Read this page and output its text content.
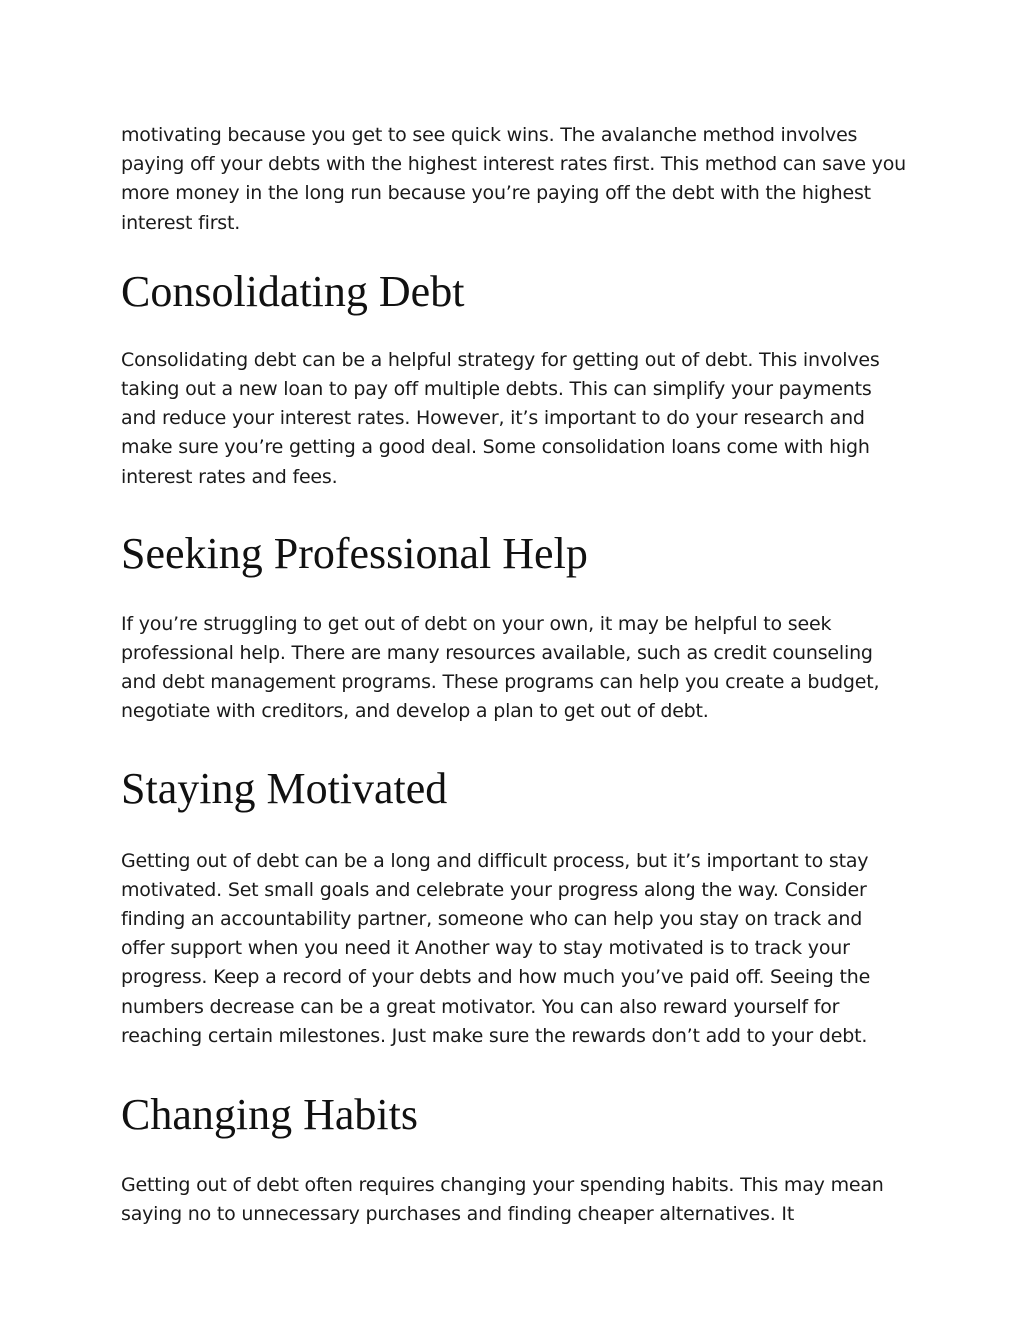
motivating because you get to see quick wins. The avalanche method involves paying off your debts with the highest interest rates first. This method can save you more money in the long run because you’re paying off the debt with the highest interest first.

Consolidating Debt

Consolidating debt can be a helpful strategy for getting out of debt. This involves taking out a new loan to pay off multiple debts. This can simplify your payments and reduce your interest rates. However, it’s important to do your research and make sure you’re getting a good deal. Some consolidation loans come with high interest rates and fees.

Seeking Professional Help

If you’re struggling to get out of debt on your own, it may be helpful to seek professional help. There are many resources available, such as credit counseling and debt management programs. These programs can help you create a budget, negotiate with creditors, and develop a plan to get out of debt.

Staying Motivated

Getting out of debt can be a long and difficult process, but it’s important to stay motivated. Set small goals and celebrate your progress along the way. Consider finding an accountability partner, someone who can help you stay on track and offer support when you need it Another way to stay motivated is to track your progress. Keep a record of your debts and how much you’ve paid off. Seeing the numbers decrease can be a great motivator. You can also reward yourself for reaching certain milestones. Just make sure the rewards don’t add to your debt.

Changing Habits

Getting out of debt often requires changing your spending habits. This may mean saying no to unnecessary purchases and finding cheaper alternatives. It
